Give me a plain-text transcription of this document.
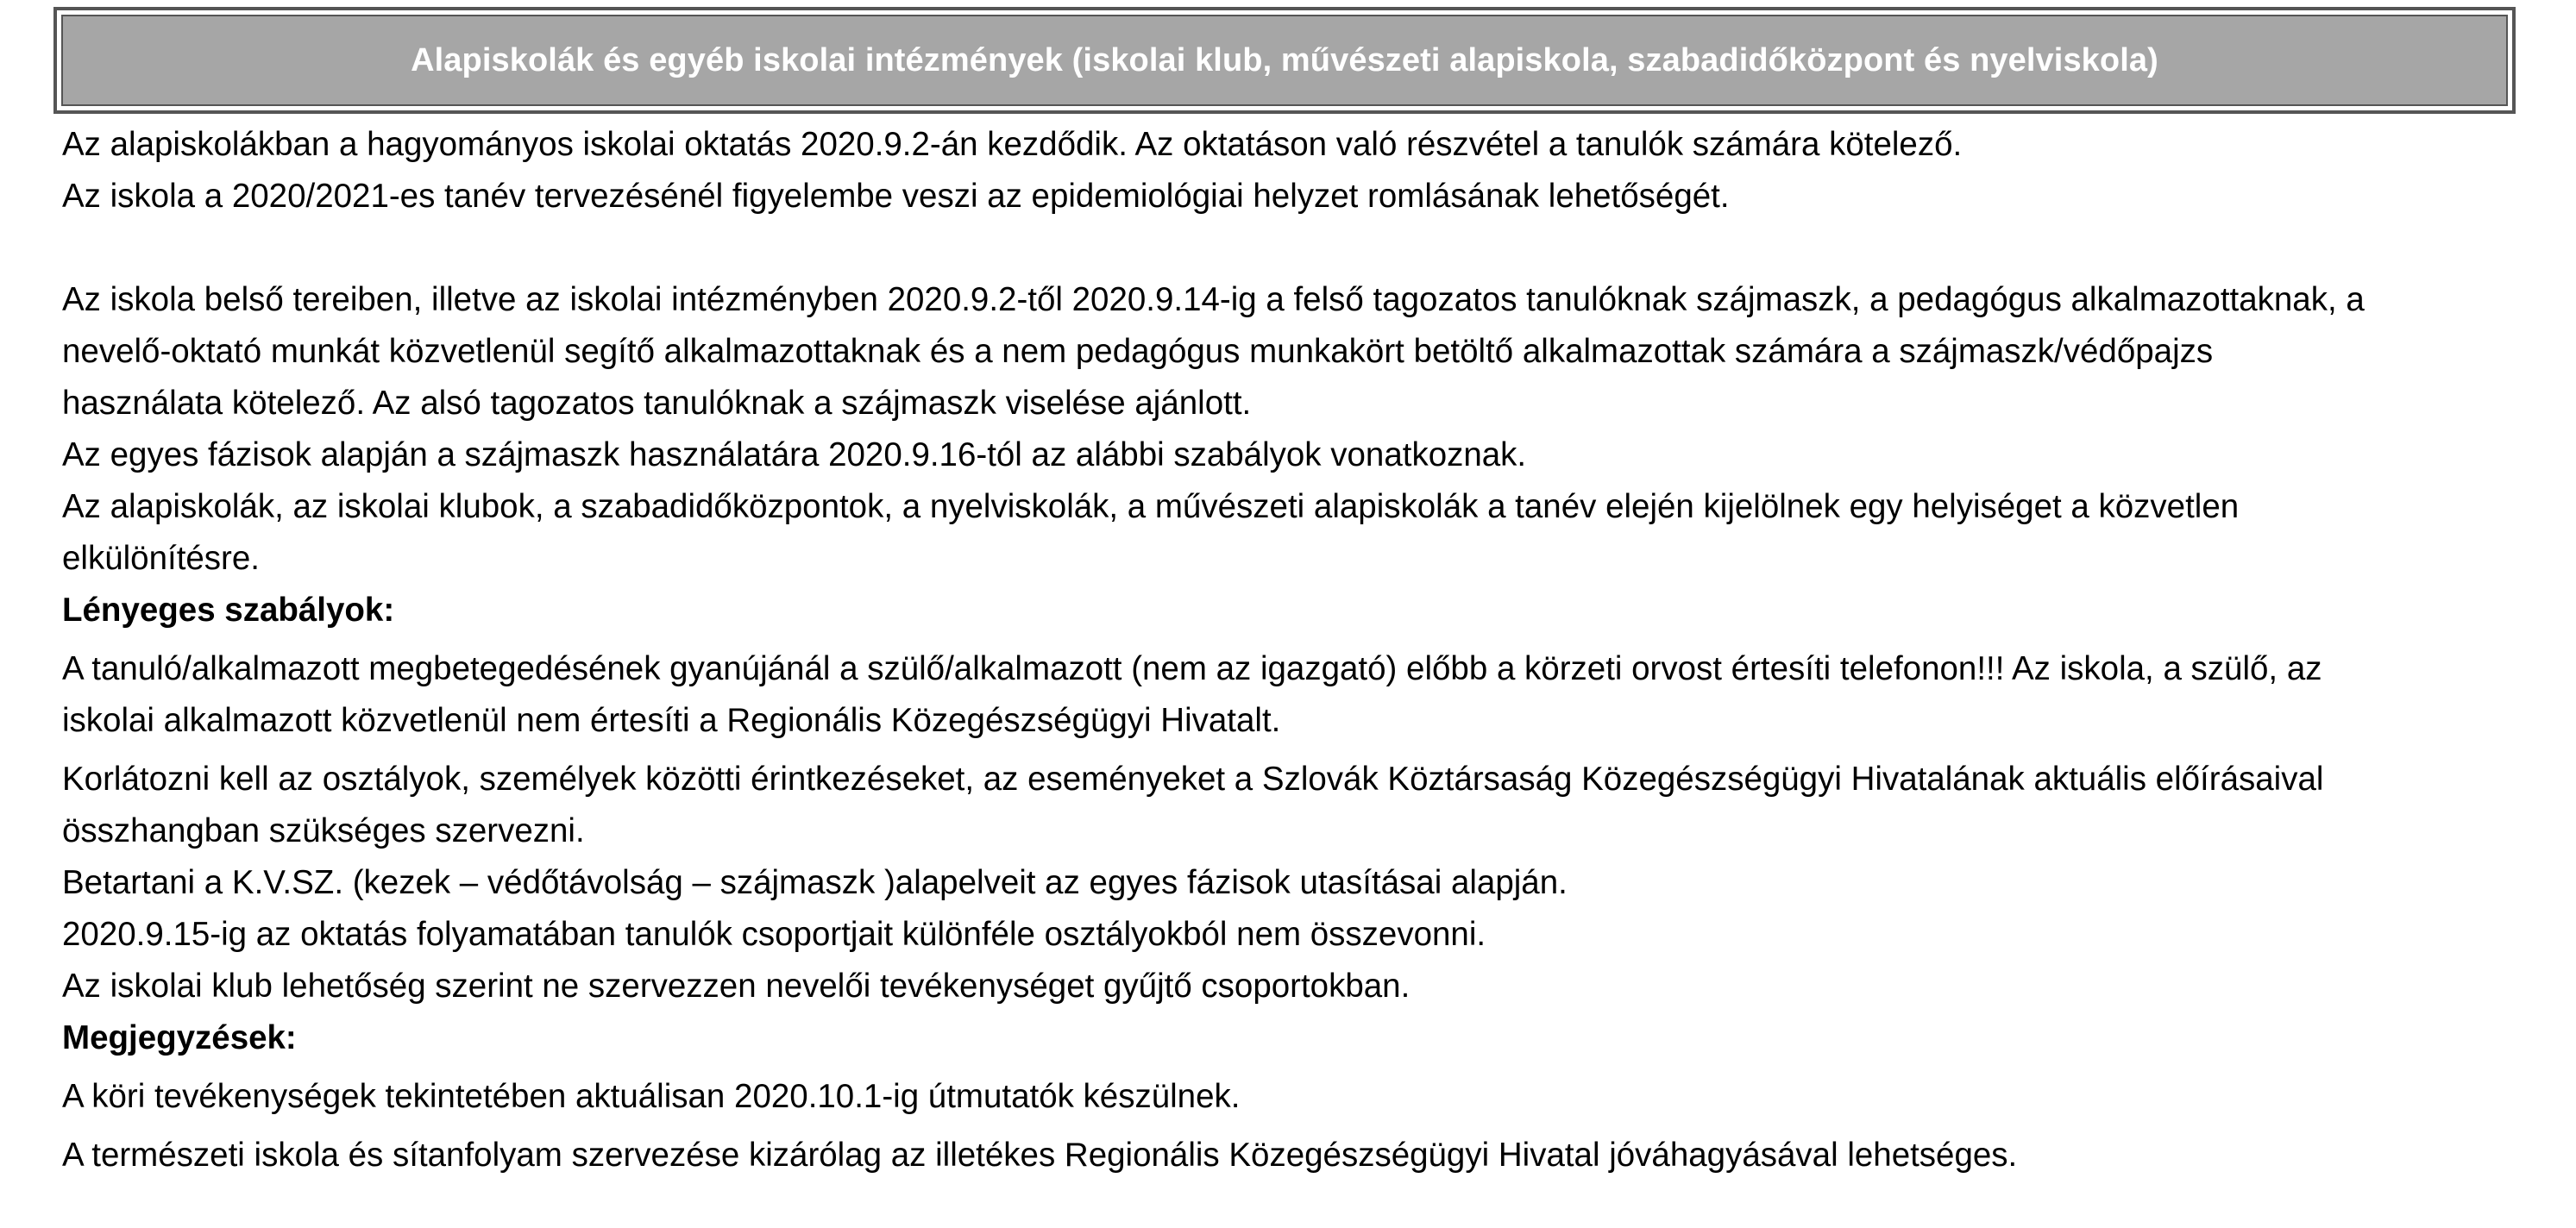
Alapiskolák és egyéb iskolai intézmények (iskolai klub, művészeti alapiskola, szabadidőközpont és nyelviskola)

Az alapiskolákban a hagyományos iskolai oktatás 2020.9.2-án kezdődik. Az oktatáson való részvétel a tanulók számára kötelező.

Az iskola a 2020/2021-es tanév tervezésénél figyelembe veszi az epidemiológiai helyzet romlásának lehetőségét.

Az iskola belső tereiben, illetve az iskolai intézményben 2020.9.2-től 2020.9.14-ig a felső tagozatos tanulóknak szájmaszk, a pedagógus alkalmazottaknak, a

nevelő-oktató munkát közvetlenül segítő alkalmazottaknak és a nem pedagógus munkakört betöltő alkalmazottak számára a szájmaszk/védőpajzs

használata kötelező. Az alsó tagozatos tanulóknak a szájmaszk viselése ajánlott.

Az egyes fázisok alapján a szájmaszk használatára 2020.9.16-tól az alábbi szabályok vonatkoznak.

Az alapiskolák, az iskolai klubok, a szabadidőközpontok, a nyelviskolák, a művészeti alapiskolák a tanév elején kijelölnek egy helyiséget a közvetlen

elkülönítésre.

Lényeges szabályok:

A tanuló/alkalmazott megbetegedésének gyanújánál a szülő/alkalmazott (nem az igazgató) előbb a körzeti orvost értesíti telefonon!!! Az iskola, a szülő, az

iskolai alkalmazott közvetlenül nem értesíti a Regionális Közegészségügyi Hivatalt.

Korlátozni kell az osztályok, személyek közötti érintkezéseket, az eseményeket a Szlovák Köztársaság Közegészségügyi Hivatalának aktuális előírásaival

összhangban szükséges szervezni.

Betartani a K.V.SZ. (kezek – védőtávolság – szájmaszk )alapelveit az egyes fázisok utasításai alapján.

2020.9.15-ig az oktatás folyamatában tanulók csoportjait különféle osztályokból nem összevonni.

Az iskolai klub lehetőség szerint ne szervezzen nevelői tevékenységet gyűjtő csoportokban.

Megjegyzések:

A köri tevékenységek tekintetében aktuálisan 2020.10.1-ig útmutatók készülnek.

A természeti iskola és sítanfolyam szervezése kizárólag az illetékes Regionális Közegészségügyi Hivatal jóváhagyásával lehetséges.
